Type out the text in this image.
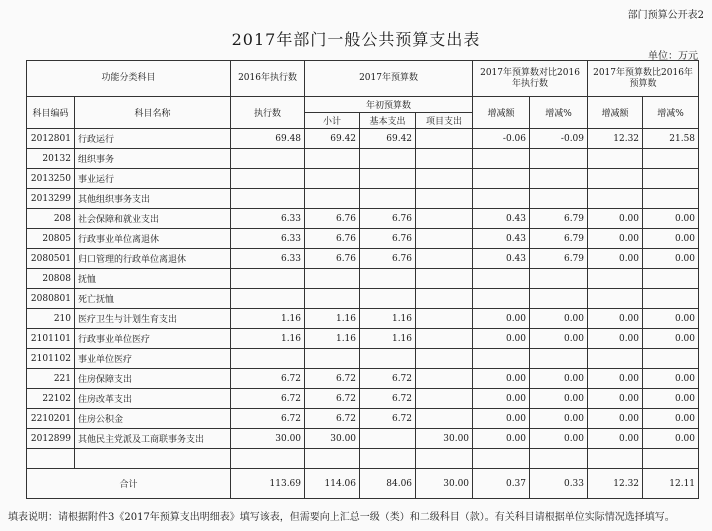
部门预算公开表2
2017年部门一般公共预算支出表
单位：万元
功能分类科目		2016年执行数	2017年预算数			2017年预算数对比2016年执行数		2017年预算数比2016年预算数	
科目编码	科目名称	执行数	年初预算数			增减额	增减%	增减额	增减%
			小计	基本支出	项目支出				
2012801	行政运行	69.48	69.42	69.42		-0.06	-0.09	12.32	21.58
20132	组织事务								
2013250	事业运行								
2013299	其他组织事务支出								
208	社会保障和就业支出	6.33	6.76	6.76		0.43	6.79	0.00	0.00
20805	行政事业单位离退休	6.33	6.76	6.76		0.43	6.79	0.00	0.00
2080501	归口管理的行政单位离退休	6.33	6.76	6.76		0.43	6.79	0.00	0.00
20808	抚恤								
2080801	死亡抚恤								
210	医疗卫生与计划生育支出	1.16	1.16	1.16		0.00	0.00	0.00	0.00
2101101	行政事业单位医疗	1.16	1.16	1.16		0.00	0.00	0.00	0.00
2101102	事业单位医疗								
221	住房保障支出	6.72	6.72	6.72		0.00	0.00	0.00	0.00
22102	住房改革支出	6.72	6.72	6.72		0.00	0.00	0.00	0.00
2210201	住房公积金	6.72	6.72	6.72		0.00	0.00	0.00	0.00
2012899	其他民主党派及工商联事务支出	30.00	30.00		30.00	0.00	0.00	0.00	0.00

合计		113.69	114.06	84.06	30.00	0.37	0.33	12.32	12.11
填表说明：请根据附件3《2017年预算支出明细表》填写该表，但需要向上汇总一级（类）和二级科目（款）。有关科目请根据单位实际情况选择填写。
